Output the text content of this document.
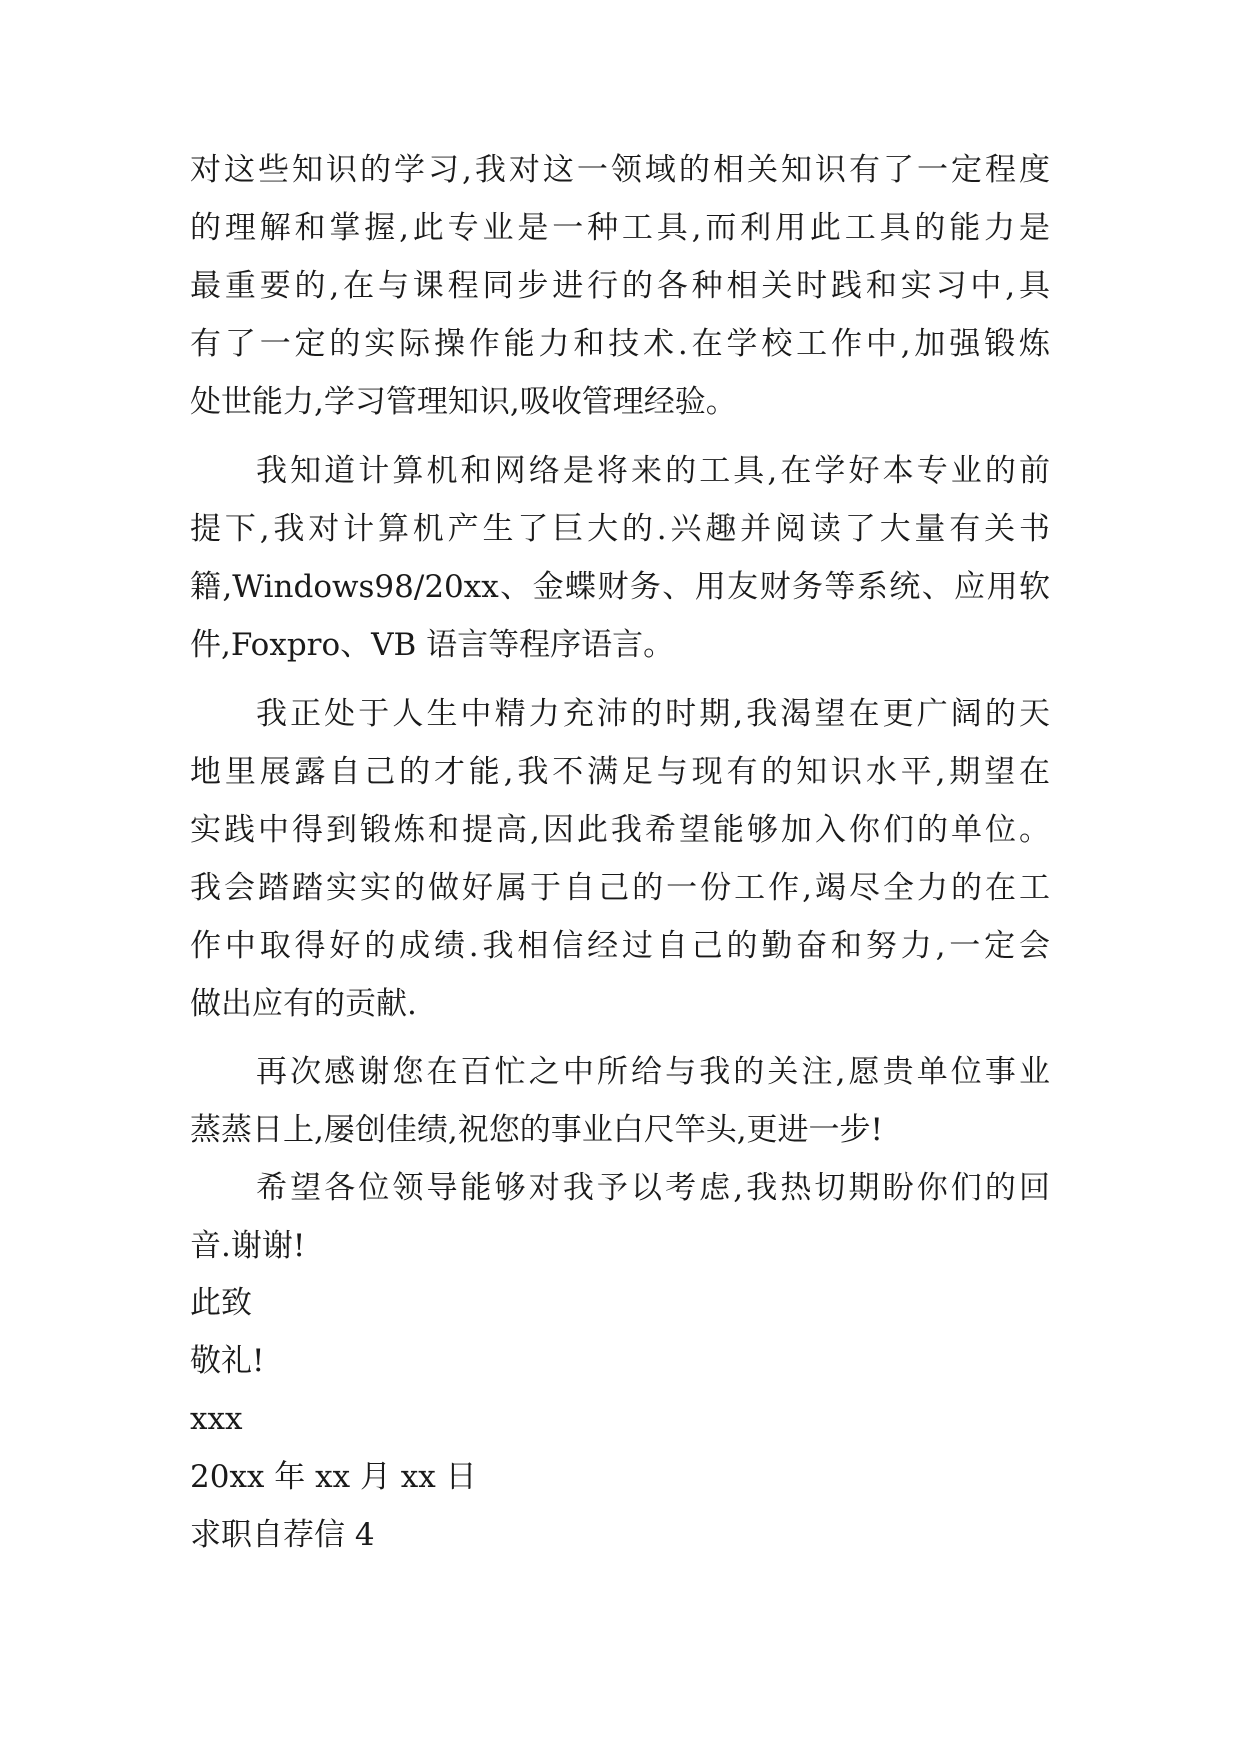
对这些知识的学习,我对这一领域的相关知识有了一定程度
的理解和掌握,此专业是一种工具,而利用此工具的能力是
最重要的,在与课程同步进行的各种相关时践和实习中,具
有了一定的实际操作能力和技术.在学校工作中,加强锻炼
处世能力,学习管理知识,吸收管理经验。
我知道计算机和网络是将来的工具,在学好本专业的前
提下,我对计算机产生了巨大的.兴趣并阅读了大量有关书
籍,Windows98/20xx、金蝶财务、用友财务等系统、应用软
件,Foxpro、VB 语言等程序语言。
我正处于人生中精力充沛的时期,我渴望在更广阔的天
地里展露自己的才能,我不满足与现有的知识水平,期望在
实践中得到锻炼和提高,因此我希望能够加入你们的单位。
我会踏踏实实的做好属于自己的一份工作,竭尽全力的在工
作中取得好的成绩.我相信经过自己的勤奋和努力,一定会
做出应有的贡献.
再次感谢您在百忙之中所给与我的关注,愿贵单位事业
蒸蒸日上,屡创佳绩,祝您的事业白尺竿头,更进一步!
希望各位领导能够对我予以考虑,我热切期盼你们的回
音.谢谢!
此致
敬礼!
xxx
20xx 年 xx 月 xx 日
求职自荐信 4
